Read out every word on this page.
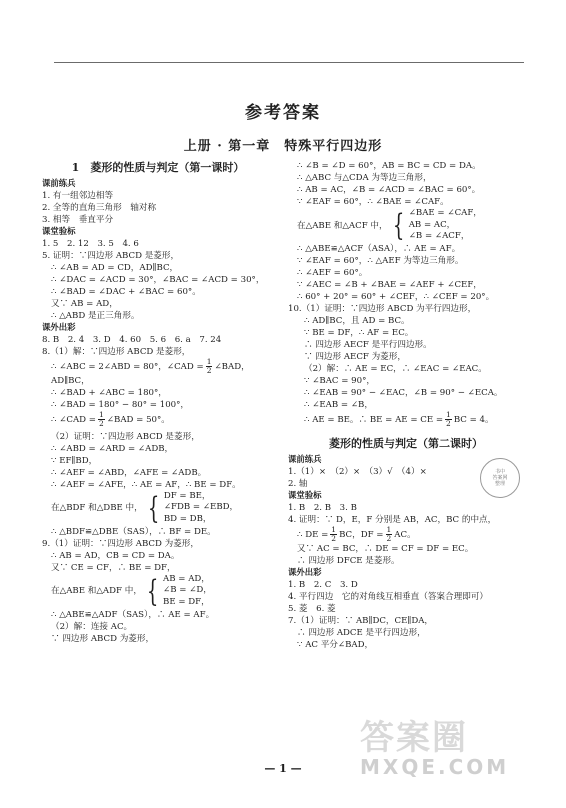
参考答案
上册 · 第一章　特殊平行四边形
1　菱形的性质与判定（第一课时）
课前练兵
1. 有一组邻边相等
2. 全等的直角三角形　轴对称
3. 相等　垂直平分
课堂验标
1. 5　2. 12　3. 5　4. 6
5. 证明：∵四边形 ABCD 是菱形，
∴ ∠AB = AD = CD，AD∥BC，
∴ ∠DAC = ∠ACD = 30°，∠BAC = ∠ACD = 30°，
∴ ∠BAD = ∠DAC + ∠BAC = 60°。
又∵ AB = AD，
∴ △ABD 是正三角形。
课外出彩
8. B　2. 4　3. D　4. 60　5. 6　6. a　7. 24
8.（1）解：∵四边形 ABCD 是菱形，
∴ ∠ABC = 2∠ABD = 80°，∠CAD = $\frac{1}{2}$ ∠BAD，
AD∥BC，
∴ ∠BAD + ∠ABC = 180°，
∴ ∠BAD = 180° − 80° = 100°，
∴ ∠CAD = $\frac{1}{2}$ ∠BAD = 50°。
（2）证明：∵四边形 ABCD 是菱形，
∴ ∠ABD = ∠ARD = ∠ADB，
∵ EF∥BD，
∴ ∠AEF = ∠ABD，∠AFE = ∠ADB。
∴ ∠AEF = ∠AFE，∴ AE = AF，∴ BE = DF。
在△BDF 和△DBE 中， { DF = BE，
∠FDB = ∠EBD，
BD = DB，
∴ △BDF≌△DBE（SAS），∴ BF = DE。
9.（1）证明：∵四边形 ABCD 为菱形，
∴ AB = AD，CB = CD = DA。
又∵ CE = CF，∴ BE = DF，
在△ABE 和△ADF 中， { AB = AD，
∠B = ∠D，
BE = DF，
∴ △ABE≌△ADF（SAS），∴ AE = AF。
（2）解：连接 AC。
∵ 四边形 ABCD 为菱形，
∴ ∠B = ∠D = 60°，AB = BC = CD = DA。
∴ △ABC 与△CDA 为等边三角形，
∴ AB = AC，∠B = ∠ACD = ∠BAC = 60°。
∵ ∠EAF = 60°，∴ ∠BAE = ∠CAF。
在△ABE 和△ACF 中， { ∠BAE = ∠CAF，
AB = AC，
∠B = ∠ACF，
∴ △ABE≌△ACF（ASA），∴ AE = AF。
∵ ∠EAF = 60°，∴ △AEF 为等边三角形。
∴ ∠AEF = 60°。
∵ ∠AEC = ∠B + ∠BAE = ∠AEF + ∠CEF，
∴ 60° + 20° = 60° + ∠CEF，∴ ∠CEF = 20°。
10.（1）证明：∵四边形 ABCD 为平行四边形，
∴ AD∥BC，且 AD = BC。
∵ BE = DF，∴ AF = EC。
∴ 四边形 AECF 是平行四边形。
∵ 四边形 AECF 为菱形，
（2）解：∴ AE = EC，∴ ∠EAC = ∠EAC。
∵ ∠BAC = 90°，
∴ ∠EAB = 90° − ∠EAC，∠B = 90° − ∠ECA。
∴ ∠EAB = ∠B，
∴ AE = BE。∴ BE = AE = CE = $\frac{1}{2}$ BC = 4。
菱形的性质与判定（第二课时）
课前练兵
1.（1）×　（2）×　（3）√　（4）×
2. 轴
课堂验标
1. B　2. B　3. B
4. 证明：∵ D，E，F 分别是 AB，AC，BC 的中点，
∴ DE = $\frac{1}{2}$ BC，DF = $\frac{1}{2}$ AC。
又∵ AC = BC，∴ DE = CF = DF = EC。
∴ 四边形 DFCE 是菱形。
课外出彩
1. B　2. C　3. D
4. 平行四边　它的对角线互相垂直（答案合理即可）
5. 菱　6. 菱
7.（1）证明：∵ AB∥DC，CE∥DA，
∴ 四边形 ADCE 是平行四边形，
∵ AC 平分∠BAD，
书中
答案网
整理
答案圈
MXQE.COM
— 1 —
